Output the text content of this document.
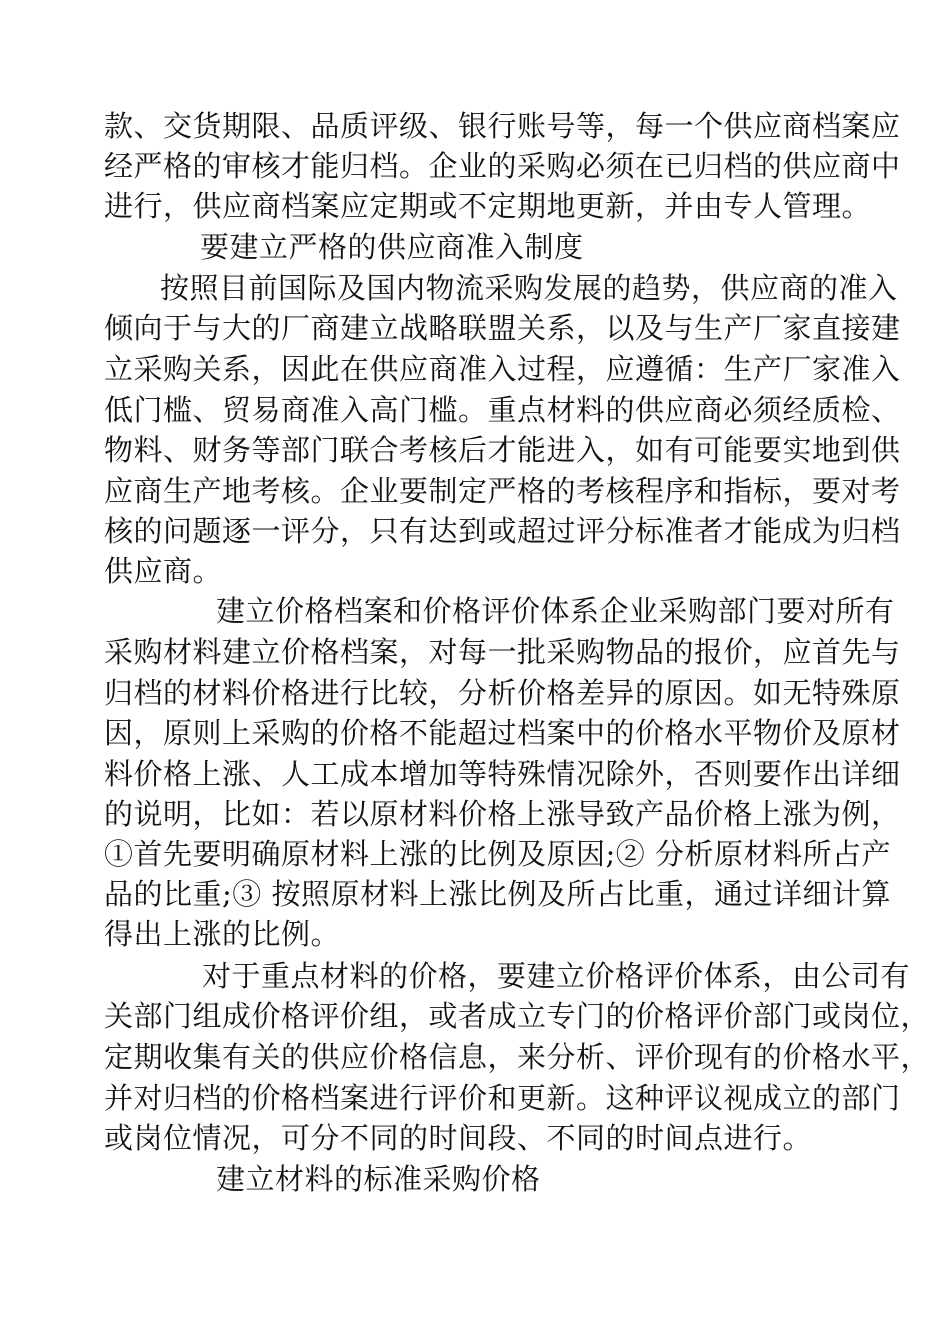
款、交货期限、品质评级、银行账号等，每一个供应商档案应
经严格的审核才能归档。企业的采购必须在已归档的供应商中
进行，供应商档案应定期或不定期地更新，并由专人管理。
要建立严格的供应商准入制度
按照目前国际及国内物流采购发展的趋势，供应商的准入
倾向于与大的厂商建立战略联盟关系，以及与生产厂家直接建
立采购关系，因此在供应商准入过程，应遵循：生产厂家准入
低门槛、贸易商准入高门槛。重点材料的供应商必须经质检、
物料、财务等部门联合考核后才能进入，如有可能要实地到供
应商生产地考核。企业要制定严格的考核程序和指标，要对考
核的问题逐一评分，只有达到或超过评分标准者才能成为归档
供应商。
建立价格档案和价格评价体系企业采购部门要对所有
采购材料建立价格档案，对每一批采购物品的报价，应首先与
归档的材料价格进行比较，分析价格差异的原因。如无特殊原
因，原则上采购的价格不能超过档案中的价格水平物价及原材
料价格上涨、人工成本增加等特殊情况除外，否则要作出详细
的说明，比如：若以原材料价格上涨导致产品价格上涨为例，
①首先要明确原材料上涨的比例及原因;② 分析原材料所占产
品的比重;③ 按照原材料上涨比例及所占比重，通过详细计算
得出上涨的比例。
对于重点材料的价格，要建立价格评价体系，由公司有
关部门组成价格评价组，或者成立专门的价格评价部门或岗位，
定期收集有关的供应价格信息，来分析、评价现有的价格水平，
并对归档的价格档案进行评价和更新。这种评议视成立的部门
或岗位情况，可分不同的时间段、不同的时间点进行。
建立材料的标准采购价格
